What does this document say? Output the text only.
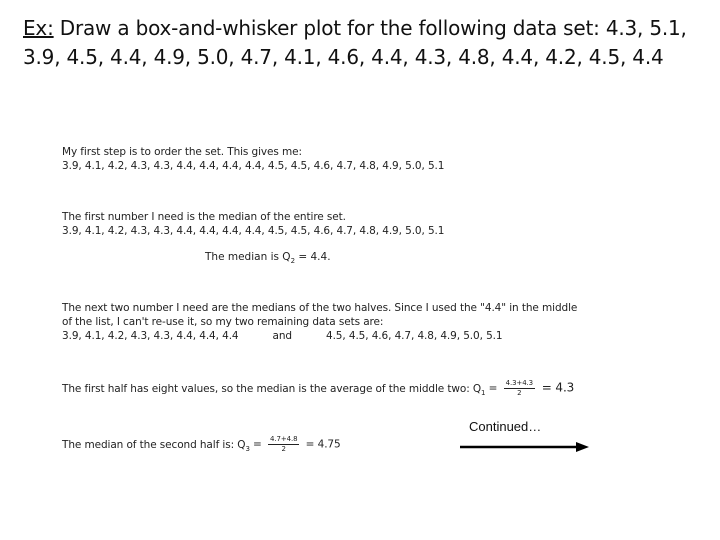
Ex: Draw a box-and-whisker plot for the following data set: 4.3, 5.1, 3.9, 4.5, 4.4, 4.9, 5.0, 4.7, 4.1, 4.6, 4.4, 4.3, 4.8, 4.4, 4.2, 4.5, 4.4
My first step is to order the set. This gives me:
3.9, 4.1, 4.2, 4.3, 4.3, 4.4, 4.4, 4.4, 4.4, 4.5, 4.5, 4.6, 4.7, 4.8, 4.9, 5.0, 5.1
The first number I need is the median of the entire set.
3.9, 4.1, 4.2, 4.3, 4.3, 4.4, 4.4, 4.4, 4.4, 4.5, 4.5, 4.6, 4.7, 4.8, 4.9, 5.0, 5.1
The median is $Q_2 = 4.4$.
The next two number I need are the medians of the two halves. Since I used the "4.4" in the middle
of the list, I can't re-use it, so my two remaining data sets are:
3.9, 4.1, 4.2, 4.3, 4.3, 4.4, 4.4, 4.4	and	4.5, 4.5, 4.6, 4.7, 4.8, 4.9, 5.0, 5.1
The first half has eight values, so the median is the average of the middle two: $Q_1 = \frac{4.3+4.3}{2} = 4.3$
Continued…
The median of the second half is: $Q_3 = \frac{4.7+4.8}{2} = 4.75$
